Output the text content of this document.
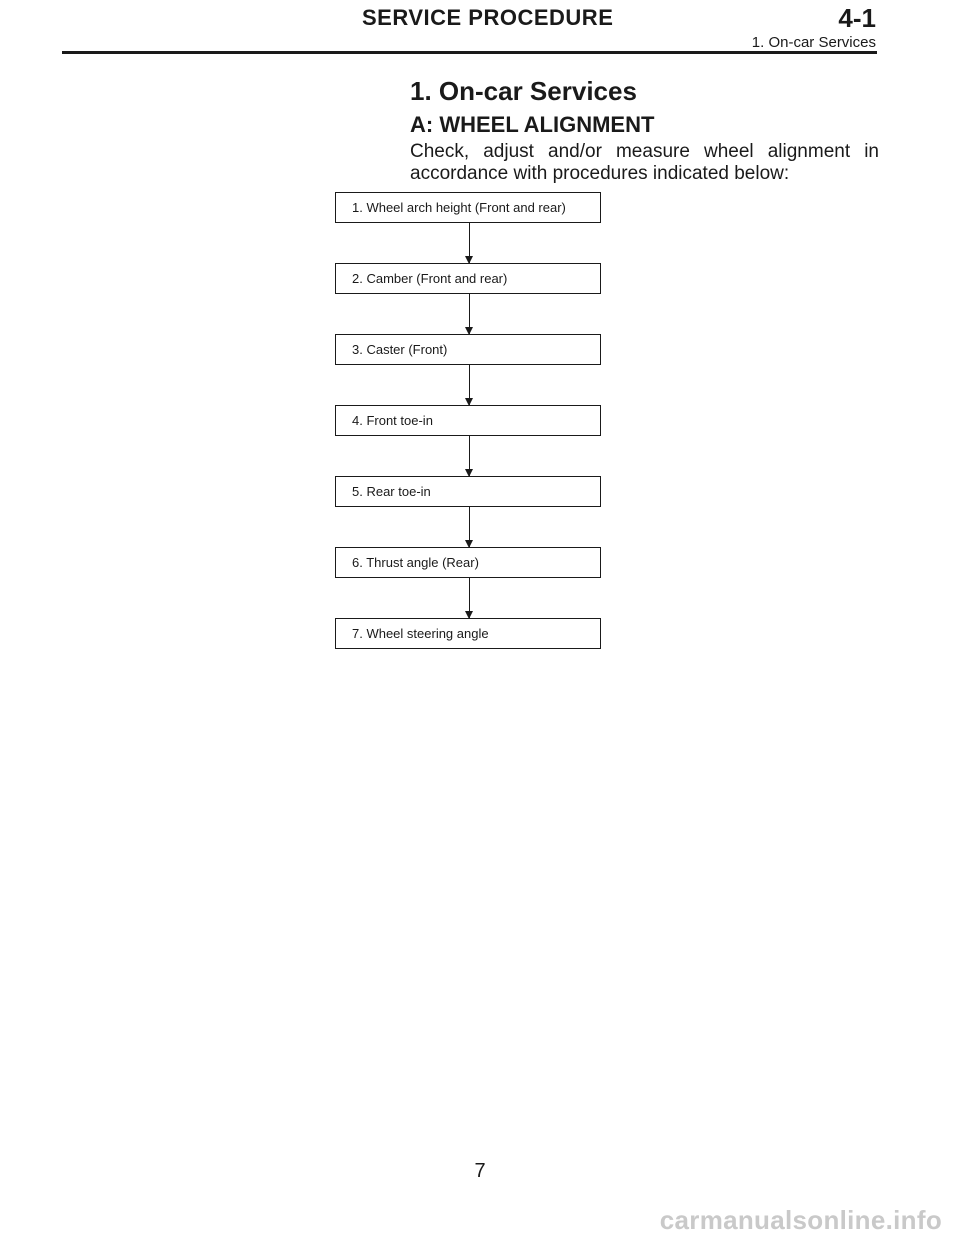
SERVICE PROCEDURE	4-1
1. On-car Services
1. On-car Services
A: WHEEL ALIGNMENT
Check, adjust and/or measure wheel alignment in accordance with procedures indicated below:
1. Wheel arch height (Front and rear)
2. Camber (Front and rear)
3. Caster (Front)
4. Front toe-in
5. Rear toe-in
6. Thrust angle (Rear)
7. Wheel steering angle
7
carmanualsonline.info
